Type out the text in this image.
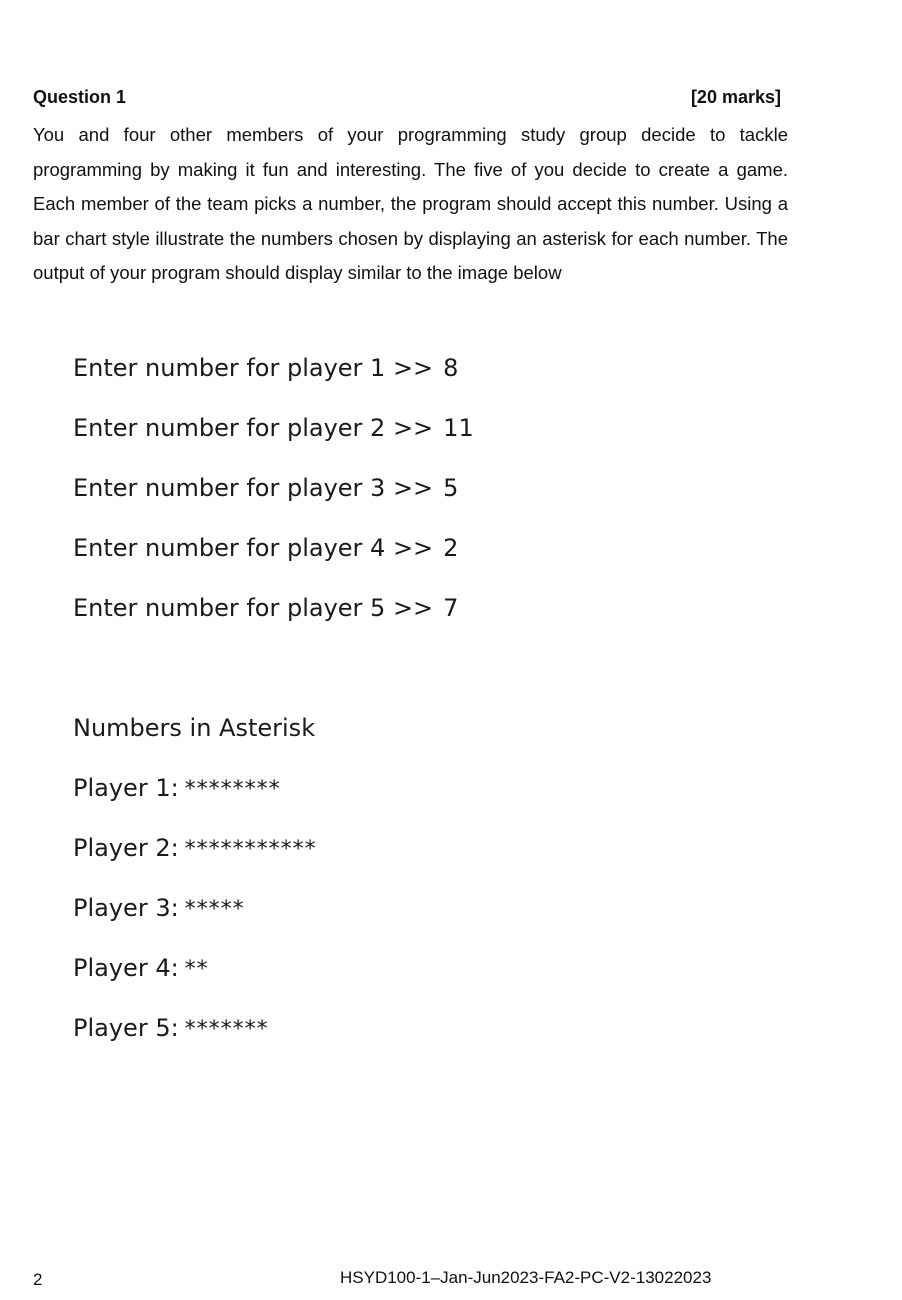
Question 1	[20 marks]

You and four other members of your programming study group decide to tackle programming by making it fun and interesting. The five of you decide to create a game. Each member of the team picks a number, the program should accept this number. Using a bar chart style illustrate the numbers chosen by displaying an asterisk for each number. The output of your program should display similar to the image below

Enter number for player 1 >> 8
Enter number for player 2 >> 11
Enter number for player 3 >> 5
Enter number for player 4 >> 2
Enter number for player 5 >> 7
Numbers in Asterisk
Player 1: ********
Player 2: ***********
Player 3: *****
Player 4: **
Player 5: *******
2	HSYD100-1–Jan-Jun2023-FA2-PC-V2-13022023
